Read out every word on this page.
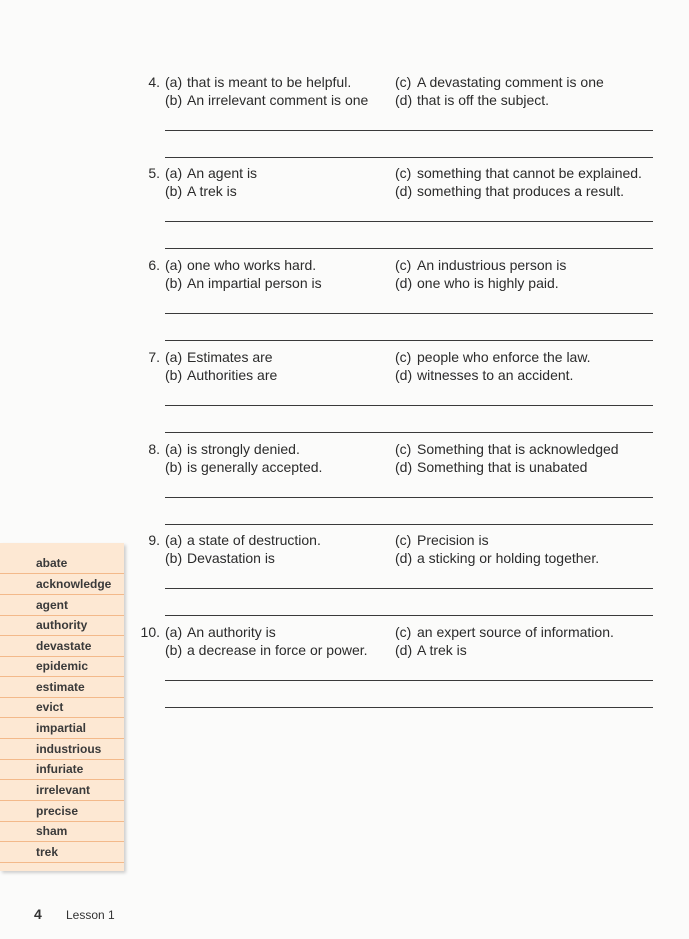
4. (a) that is meant to be helpful.
(b) An irrelevant comment is one
(c) A devastating comment is one
(d) that is off the subject.
5. (a) An agent is
(b) A trek is
(c) something that cannot be explained.
(d) something that produces a result.
6. (a) one who works hard.
(b) An impartial person is
(c) An industrious person is
(d) one who is highly paid.
7. (a) Estimates are
(b) Authorities are
(c) people who enforce the law.
(d) witnesses to an accident.
8. (a) is strongly denied.
(b) is generally accepted.
(c) Something that is acknowledged
(d) Something that is unabated
9. (a) a state of destruction.
(b) Devastation is
(c) Precision is
(d) a sticking or holding together.
10. (a) An authority is
(b) a decrease in force or power.
(c) an expert source of information.
(d) A trek is
abate
acknowledge
agent
authority
devastate
epidemic
estimate
evict
impartial
industrious
infuriate
irrelevant
precise
sham
trek
4 Lesson 1
